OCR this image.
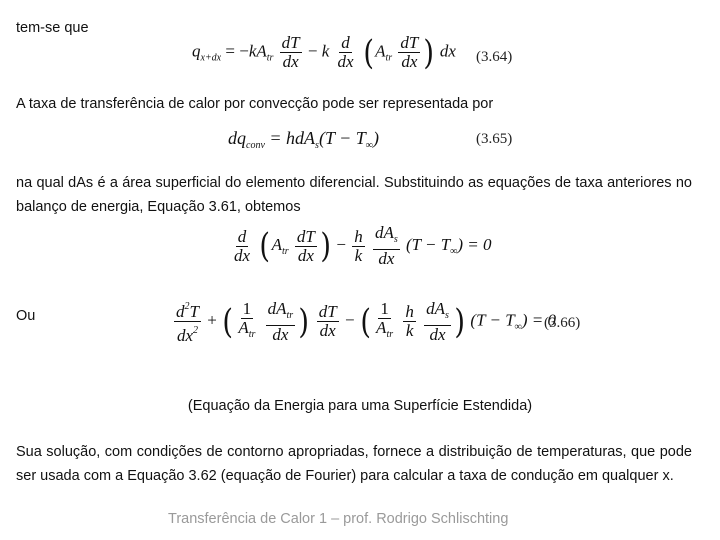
tem-se que
$q_{x+dx} = -kA_{tr} \frac{dT}{dx} - k \frac{d}{dx} (A_{tr} \frac{dT}{dx}$ ) dx (3.64)
A taxa de transferência de calor por convecção pode ser representada por
$dq_{conv} = hdA_s(T - T_\infty)$	(3.65)
na qual dAs é a área superficial do elemento diferencial. Substituindo as equações de taxa anteriores no balanço de energia, Equação 3.61, obtemos
$\frac{d}{dx} (A_{tr} \frac{dT}{dx}$ ) − $\frac{h}{k}$
$\frac{dA_s}{dx} (T - T_\infty) = 0$
Ou	$\frac{d^2T}{dx^2}$ + ( $\frac{1}{A_{tr}}$
$\frac{dA_{tr}}{dx}$ ) $\frac{dT}{dx}$ − ( $\frac{1}{A_{tr}}$
$\frac{h}{k}$
$\frac{dA_s}{dx}$ ) $(T - T_\infty) = 0$
(3.66)
(Equação da Energia para uma Superfície Estendida)
Sua solução, com condições de contorno apropriadas, fornece a distribuição de temperaturas, que pode ser usada com a Equação 3.62 (equação de Fourier) para calcular a taxa de condução em qualquer x.
Transferência de Calor 1 – prof. Rodrigo Schlischting
